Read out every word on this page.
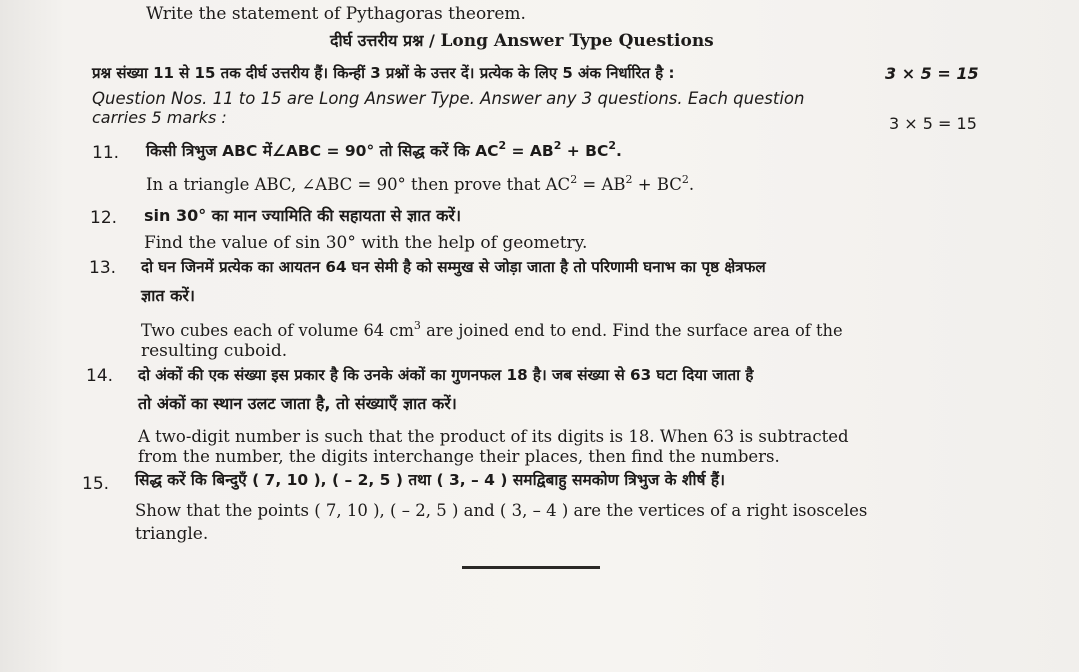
Write the statement of Pythagoras theorem.
दीर्घ उत्तरीय प्रश्न / Long Answer Type Questions
प्रश्न संख्या 11 से 15 तक दीर्घ उत्तरीय हैं। किन्हीं 3 प्रश्नों के उत्तर दें। प्रत्येक के लिए 5 अंक निर्धारित है :	3 × 5 = 15
Question Nos. 11 to 15 are Long Answer Type. Answer any 3 questions. Each question
carries 5 marks :	3 × 5 = 15
11. किसी त्रिभुज ABC में∠ABC = 90° तो सिद्ध करें कि $AC^2 = AB^2 + BC^2$.
In a triangle ABC, ∠ABC = 90° then prove that $AC^2 = AB^2 + BC^2$.
12. sin 30° का मान ज्यामिति की सहायता से ज्ञात करें।
Find the value of sin 30° with the help of geometry.
13. दो घन जिनमें प्रत्येक का आयतन 64 घन सेमी है को सम्मुख से जोड़ा जाता है तो परिणामी घनाभ का पृष्ठ क्षेत्रफल
ज्ञात करें।
Two cubes each of volume 64 $cm^3$ are joined end to end. Find the surface area of the
resulting cuboid.
14. दो अंकों की एक संख्या इस प्रकार है कि उनके अंकों का गुणनफल 18 है। जब संख्या से 63 घटा दिया जाता है
तो अंकों का स्थान उलट जाता है, तो संख्याएँ ज्ञात करें।
A two-digit number is such that the product of its digits is 18. When 63 is subtracted
from the number, the digits interchange their places, then find the numbers.
15. सिद्ध करें कि बिन्दुएँ ( 7, 10 ), ( – 2, 5 ) तथा ( 3, – 4 ) समद्विबाहु समकोण त्रिभुज के शीर्ष हैं।
Show that the points ( 7, 10 ), ( – 2, 5 ) and ( 3, – 4 ) are the vertices of a right isosceles
triangle.
